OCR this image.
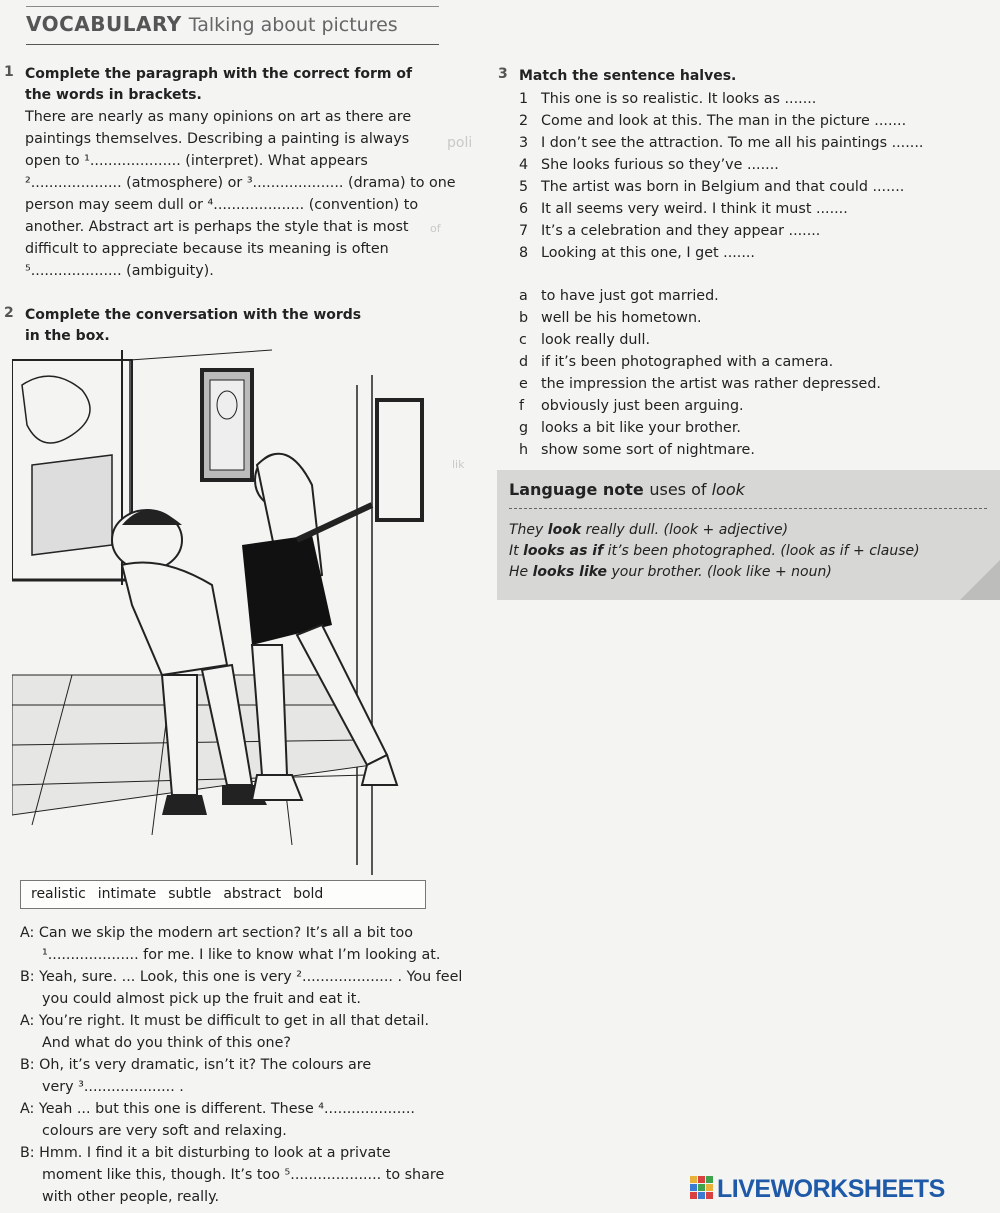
VOCABULARY Talking about pictures
1 Complete the paragraph with the correct form of the words in brackets.
There are nearly as many opinions on art as there are
paintings themselves. Describing a painting is always
open to ¹.................... (interpret). What appears
².................... (atmosphere) or ³.................... (drama) to one
person may seem dull or ⁴.................... (convention) to
another. Abstract art is perhaps the style that is most
difficult to appreciate because its meaning is often
⁵.................... (ambiguity).
2 Complete the conversation with the words in the box.
realistic intimate subtle abstract bold
A: Can we skip the modern art section? It’s all a bit too
¹.................... for me. I like to know what I’m looking at.
B: Yeah, sure. ... Look, this one is very ².................... . You feel
you could almost pick up the fruit and eat it.
A: You’re right. It must be difficult to get in all that detail.
And what do you think of this one?
B: Oh, it’s very dramatic, isn’t it? The colours are
very ³.................... .
A: Yeah ... but this one is different. These ⁴....................
colours are very soft and relaxing.
B: Hmm. I find it a bit disturbing to look at a private
moment like this, though. It’s too ⁵.................... to share
with other people, really.
3 Match the sentence halves.
1 This one is so realistic. It looks as .......
2 Come and look at this. The man in the picture .......
3 I don’t see the attraction. To me all his paintings .......
4 She looks furious so they’ve .......
5 The artist was born in Belgium and that could .......
6 It all seems very weird. I think it must .......
7 It’s a celebration and they appear .......
8 Looking at this one, I get .......
a to have just got married.
b well be his hometown.
c look really dull.
d if it’s been photographed with a camera.
e the impression the artist was rather depressed.
f obviously just been arguing.
g looks a bit like your brother.
h show some sort of nightmare.
poli
of
lik
Language note uses of look
They look really dull. (look + adjective)
It looks as if it’s been photographed. (look as if + clause)
He looks like your brother. (look like + noun)
LIVEWORKSHEETS
